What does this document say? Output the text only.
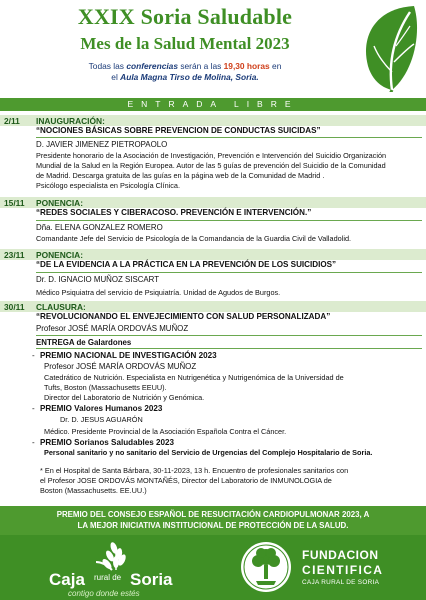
XXIX Soria Saludable
Mes de la Salud Mental 2023
Todas las conferencias serán a las 19,30 horas en
el Aula Magna Tirso de Molina, Soria.
ENTRADA LIBRE
2/11 INAUGURACIÓN:
“NOCIONES BÁSICAS SOBRE PREVENCION DE CONDUCTAS SUICIDAS”
D. JAVIER JIMENEZ PIETROPAOLO
Presidente honorario de la Asociación de Investigación, Prevención e Intervención del Suicidio Organización
Mundial de la Salud en la Región Europea. Autor de las 5 guías de prevención del Suicidio de la Comunidad
de Madrid. Descarga gratuita de las guías en la página web de la Comunidad de Madrid .
Psicólogo especialista en Psicología Clínica.
15/11 PONENCIA:
“REDES SOCIALES Y CIBERACOSO. PREVENCIÓN E INTERVENCIÓN.”
Dña. ELENA GONZALEZ ROMERO
Comandante Jefe del Servicio de Psicología de la Comandancia de la Guardia Civil de Valladolid.
23/11 PONENCIA:
“DE LA EVIDENCIA A LA PRÁCTICA EN LA PREVENCIÓN DE LOS SUICIDIOS”
Dr. D. IGNACIO MUÑOZ SISCART
Médico Psiquiatra del servicio de Psiquiatría. Unidad de Agudos de Burgos.
30/11 CLAUSURA:
“REVOLUCIONANDO EL ENVEJECIMIENTO CON SALUD PERSONALIZADA”
Profesor JOSÉ MARÍA ORDOVÁS MUÑOZ
ENTREGA de Galardones
- PREMIO NACIONAL DE INVESTIGACIÓN 2023
Profesor JOSÉ MARÍA ORDOVÁS MUÑOZ
Catedrático de Nutrición. Especialista en Nutrigenética y Nutrigenómica de la Universidad de
Tufts, Boston (Massachusetts EEUU).
Director del Laboratorio de Nutrición y Genómica.
- PREMIO Valores Humanos 2023
Dr. D. JESUS AGUARÓN
Médico. Presidente Provincial de la Asociación Española Contra el Cáncer.
- PREMIO Sorianos Saludables 2023
Personal sanitario y no sanitario del Servicio de Urgencias del Complejo Hospitalario de Soria.
* En el Hospital de Santa Bárbara, 30-11-2023, 13 h. Encuentro de profesionales sanitarios con
el Profesor JOSE ORDOVÁS MONTAÑÉS, Director del Laboratorio de INMUNOLOGIA de
Boston (Massachusetts. EE.UU.)
PREMIO DEL CONSEJO ESPAÑOL DE RESUCITACIÓN CARDIOPULMONAR 2023, A
LA MEJOR INICIATIVA INSTITUCIONAL DE PROTECCIÓN DE LA SALUD.
Caja rural de Soria
contigo donde estés
FUNDACION
CIENTIFICA
CAJA RURAL DE SORIA
